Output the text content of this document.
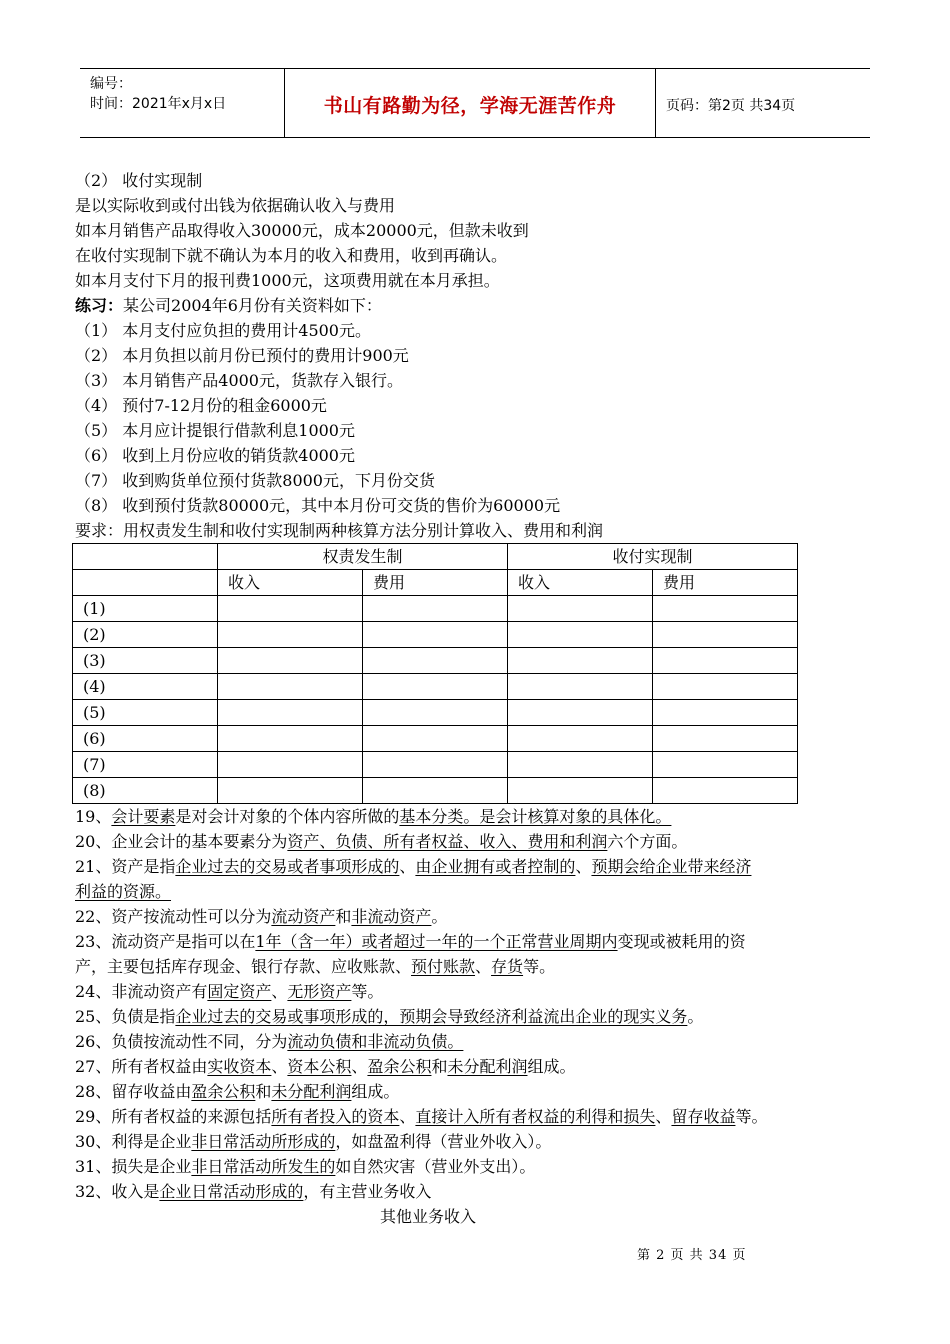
编号：
时间：2021年x月x日	书山有路勤为径，学海无涯苦作舟	页码：第2页 共34页
（2） 收付实现制
是以实际收到或付出钱为依据确认收入与费用
如本月销售产品取得收入30000元，成本20000元，但款未收到
在收付实现制下就不确认为本月的收入和费用，收到再确认。
如本月支付下月的报刊费1000元，这项费用就在本月承担。
练习：某公司2004年6月份有关资料如下：
（1） 本月支付应负担的费用计4500元。
（2） 本月负担以前月份已预付的费用计900元
（3） 本月销售产品4000元，货款存入银行。
（4） 预付7-12月份的租金6000元
（5） 本月应计提银行借款利息1000元
（6） 收到上月份应收的销货款4000元
（7） 收到购货单位预付货款8000元，下月份交货
（8） 收到预付货款80000元，其中本月份可交货的售价为60000元
要求：用权责发生制和收付实现制两种核算方法分别计算收入、费用和利润
	权责发生制		收付实现制	
	收入	费用	收入	费用
(1)				
(2)				
(3)				
(4)				
(5)				
(6)				
(7)				
(8)				
19、会计要素是对会计对象的个体内容所做的基本分类。是会计核算对象的具体化。
20、企业会计的基本要素分为资产、负债、所有者权益、收入、费用和利润六个方面。
21、资产是指企业过去的交易或者事项形成的、由企业拥有或者控制的、预期会给企业带来经济
利益的资源。
22、资产按流动性可以分为流动资产和非流动资产。
23、流动资产是指可以在1年（含一年）或者超过一年的一个正常营业周期内变现或被耗用的资
产，主要包括库存现金、银行存款、应收账款、预付账款、存货等。
24、非流动资产有固定资产、无形资产等。
25、负债是指企业过去的交易或事项形成的，预期会导致经济利益流出企业的现实义务。
26、负债按流动性不同，分为流动负债和非流动负债。
27、所有者权益由实收资本、资本公积、盈余公积和未分配利润组成。
28、留存收益由盈余公积和未分配利润组成。
29、所有者权益的来源包括所有者投入的资本、直接计入所有者权益的利得和损失、留存收益等。
30、利得是企业非日常活动所形成的，如盘盈利得（营业外收入）。
31、损失是企业非日常活动所发生的如自然灾害（营业外支出）。
32、收入是企业日常活动形成的，有主营业务收入
其他业务收入
第 2 页 共 34 页
